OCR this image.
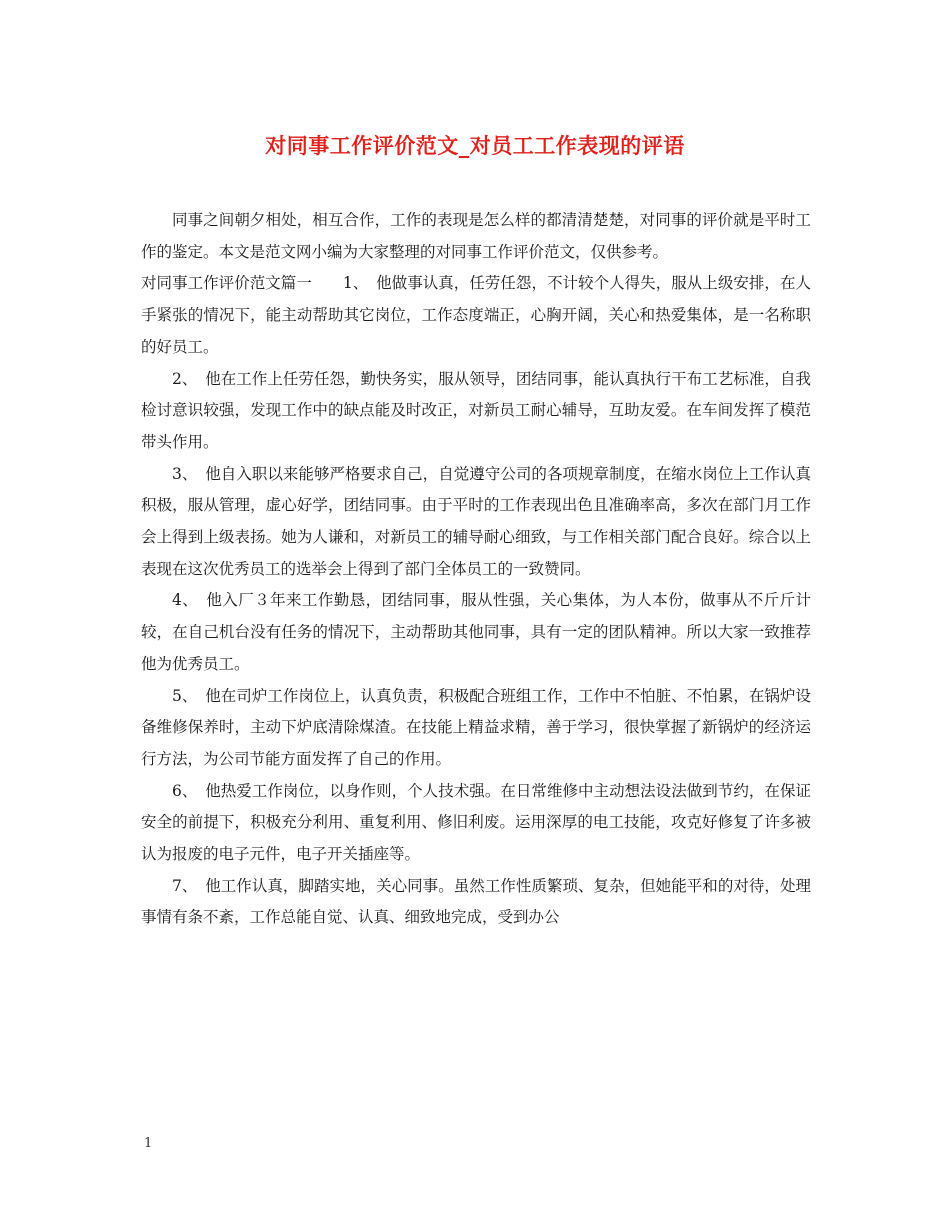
对同事工作评价范文_对员工工作表现的评语

同事之间朝夕相处，相互合作，工作的表现是怎么样的都清清楚楚，对同事的评价就是平时工作的鉴定。本文是范文网小编为大家整理的对同事工作评价范文，仅供参考。

对同事工作评价范文篇一　　1、　他做事认真，任劳任怨，不计较个人得失，服从上级安排，在人手紧张的情况下，能主动帮助其它岗位，工作态度端正，心胸开阔，关心和热爱集体，是一名称职的好员工。

2、　他在工作上任劳任怨，勤快务实，服从领导，团结同事，能认真执行干布工艺标准，自我检讨意识较强，发现工作中的缺点能及时改正，对新员工耐心辅导，互助友爱。在车间发挥了模范带头作用。

3、　他自入职以来能够严格要求自己，自觉遵守公司的各项规章制度，在缩水岗位上工作认真积极，服从管理，虚心好学，团结同事。由于平时的工作表现出色且准确率高，多次在部门月工作会上得到上级表扬。她为人谦和，对新员工的辅导耐心细致，与工作相关部门配合良好。综合以上表现在这次优秀员工的选举会上得到了部门全体员工的一致赞同。

4、　他入厂３年来工作勤恳，团结同事，服从性强，关心集体，为人本份，做事从不斤斤计较，在自己机台没有任务的情况下，主动帮助其他同事，具有一定的团队精神。所以大家一致推荐他为优秀员工。

5、　他在司炉工作岗位上，认真负责，积极配合班组工作，工作中不怕脏、不怕累，在锅炉设备维修保养时，主动下炉底清除煤渣。在技能上精益求精，善于学习，很快掌握了新锅炉的经济运行方法，为公司节能方面发挥了自己的作用。

6、　他热爱工作岗位，以身作则，个人技术强。在日常维修中主动想法设法做到节约，在保证安全的前提下，积极充分利用、重复利用、修旧利废。运用深厚的电工技能，攻克好修复了许多被认为报废的电子元件，电子开关插座等。

7、　他工作认真，脚踏实地，关心同事。虽然工作性质繁琐、复杂，但她能平和的对待，处理事情有条不紊，工作总能自觉、认真、细致地完成，受到办公

1
